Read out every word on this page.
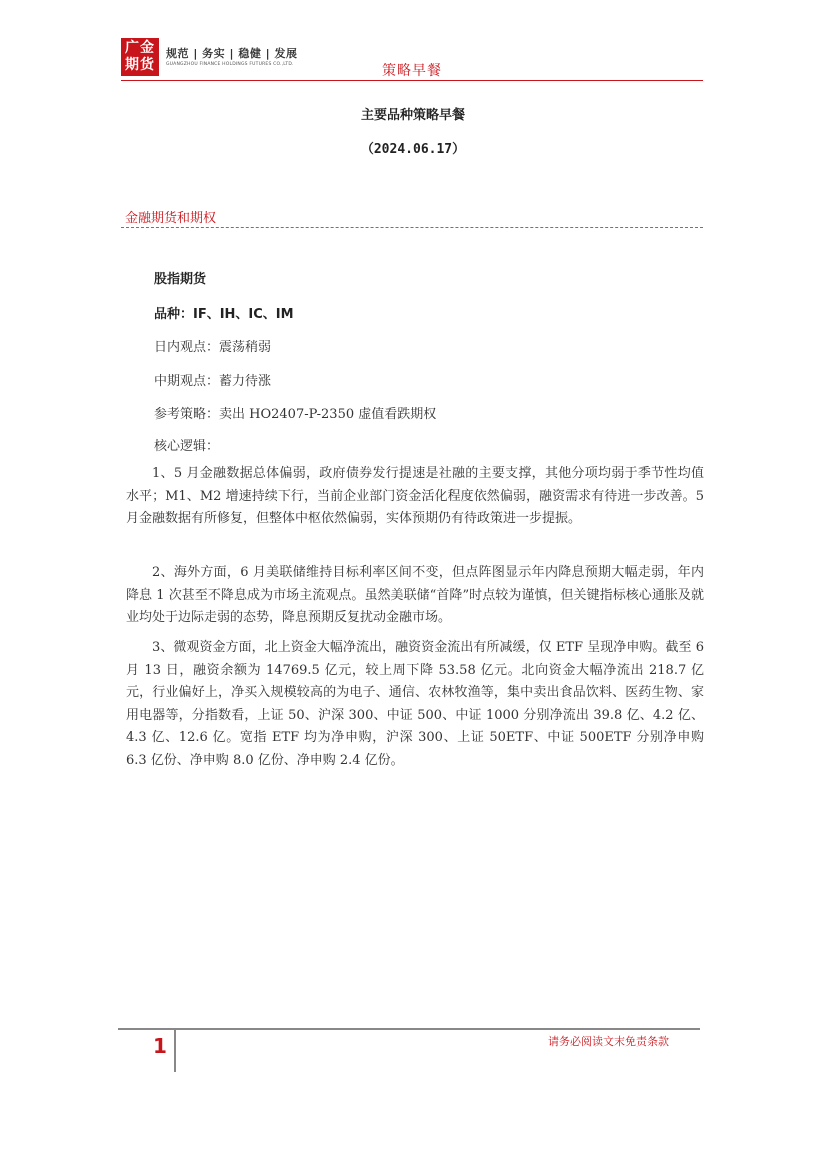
广金
期货
规范 | 务实 | 稳健 | 发展
GUANGZHOU FINANCE HOLDINGS FUTURES CO.,LTD.	策略早餐
主要品种策略早餐
（2024.06.17）
金融期货和期权
股指期货
品种：IF、IH、IC、IM
日内观点：震荡稍弱
中期观点：蓄力待涨
参考策略：卖出 HO2407-P-2350 虚值看跌期权
核心逻辑：

1、5 月金融数据总体偏弱，政府债券发行提速是社融的主要支撑，其他分项均弱于季节性均值水平；M1、M2 增速持续下行，当前企业部门资金活化程度依然偏弱，融资需求有待进一步改善。5 月金融数据有所修复，但整体中枢依然偏弱，实体预期仍有待政策进一步提振。

2、海外方面，6 月美联储维持目标利率区间不变，但点阵图显示年内降息预期大幅走弱，年内降息 1 次甚至不降息成为市场主流观点。虽然美联储“首降”时点较为谨慎，但关键指标核心通胀及就业均处于边际走弱的态势，降息预期反复扰动金融市场。

3、微观资金方面，北上资金大幅净流出，融资资金流出有所减缓，仅 ETF 呈现净申购。截至 6 月 13 日，融资余额为 14769.5 亿元，较上周下降 53.58 亿元。北向资金大幅净流出 218.7 亿元，行业偏好上，净买入规模较高的为电子、通信、农林牧渔等，集中卖出食品饮料、医药生物、家用电器等，分指数看，上证 50、沪深 300、中证 500、中证 1000 分别净流出 39.8 亿、4.2 亿、4.3 亿、12.6 亿。宽指 ETF 均为净申购，沪深 300、上证 50ETF、中证 500ETF 分别净申购 6.3 亿份、净申购 8.0 亿份、净申购 2.4 亿份。

1	请务必阅读文末免责条款
